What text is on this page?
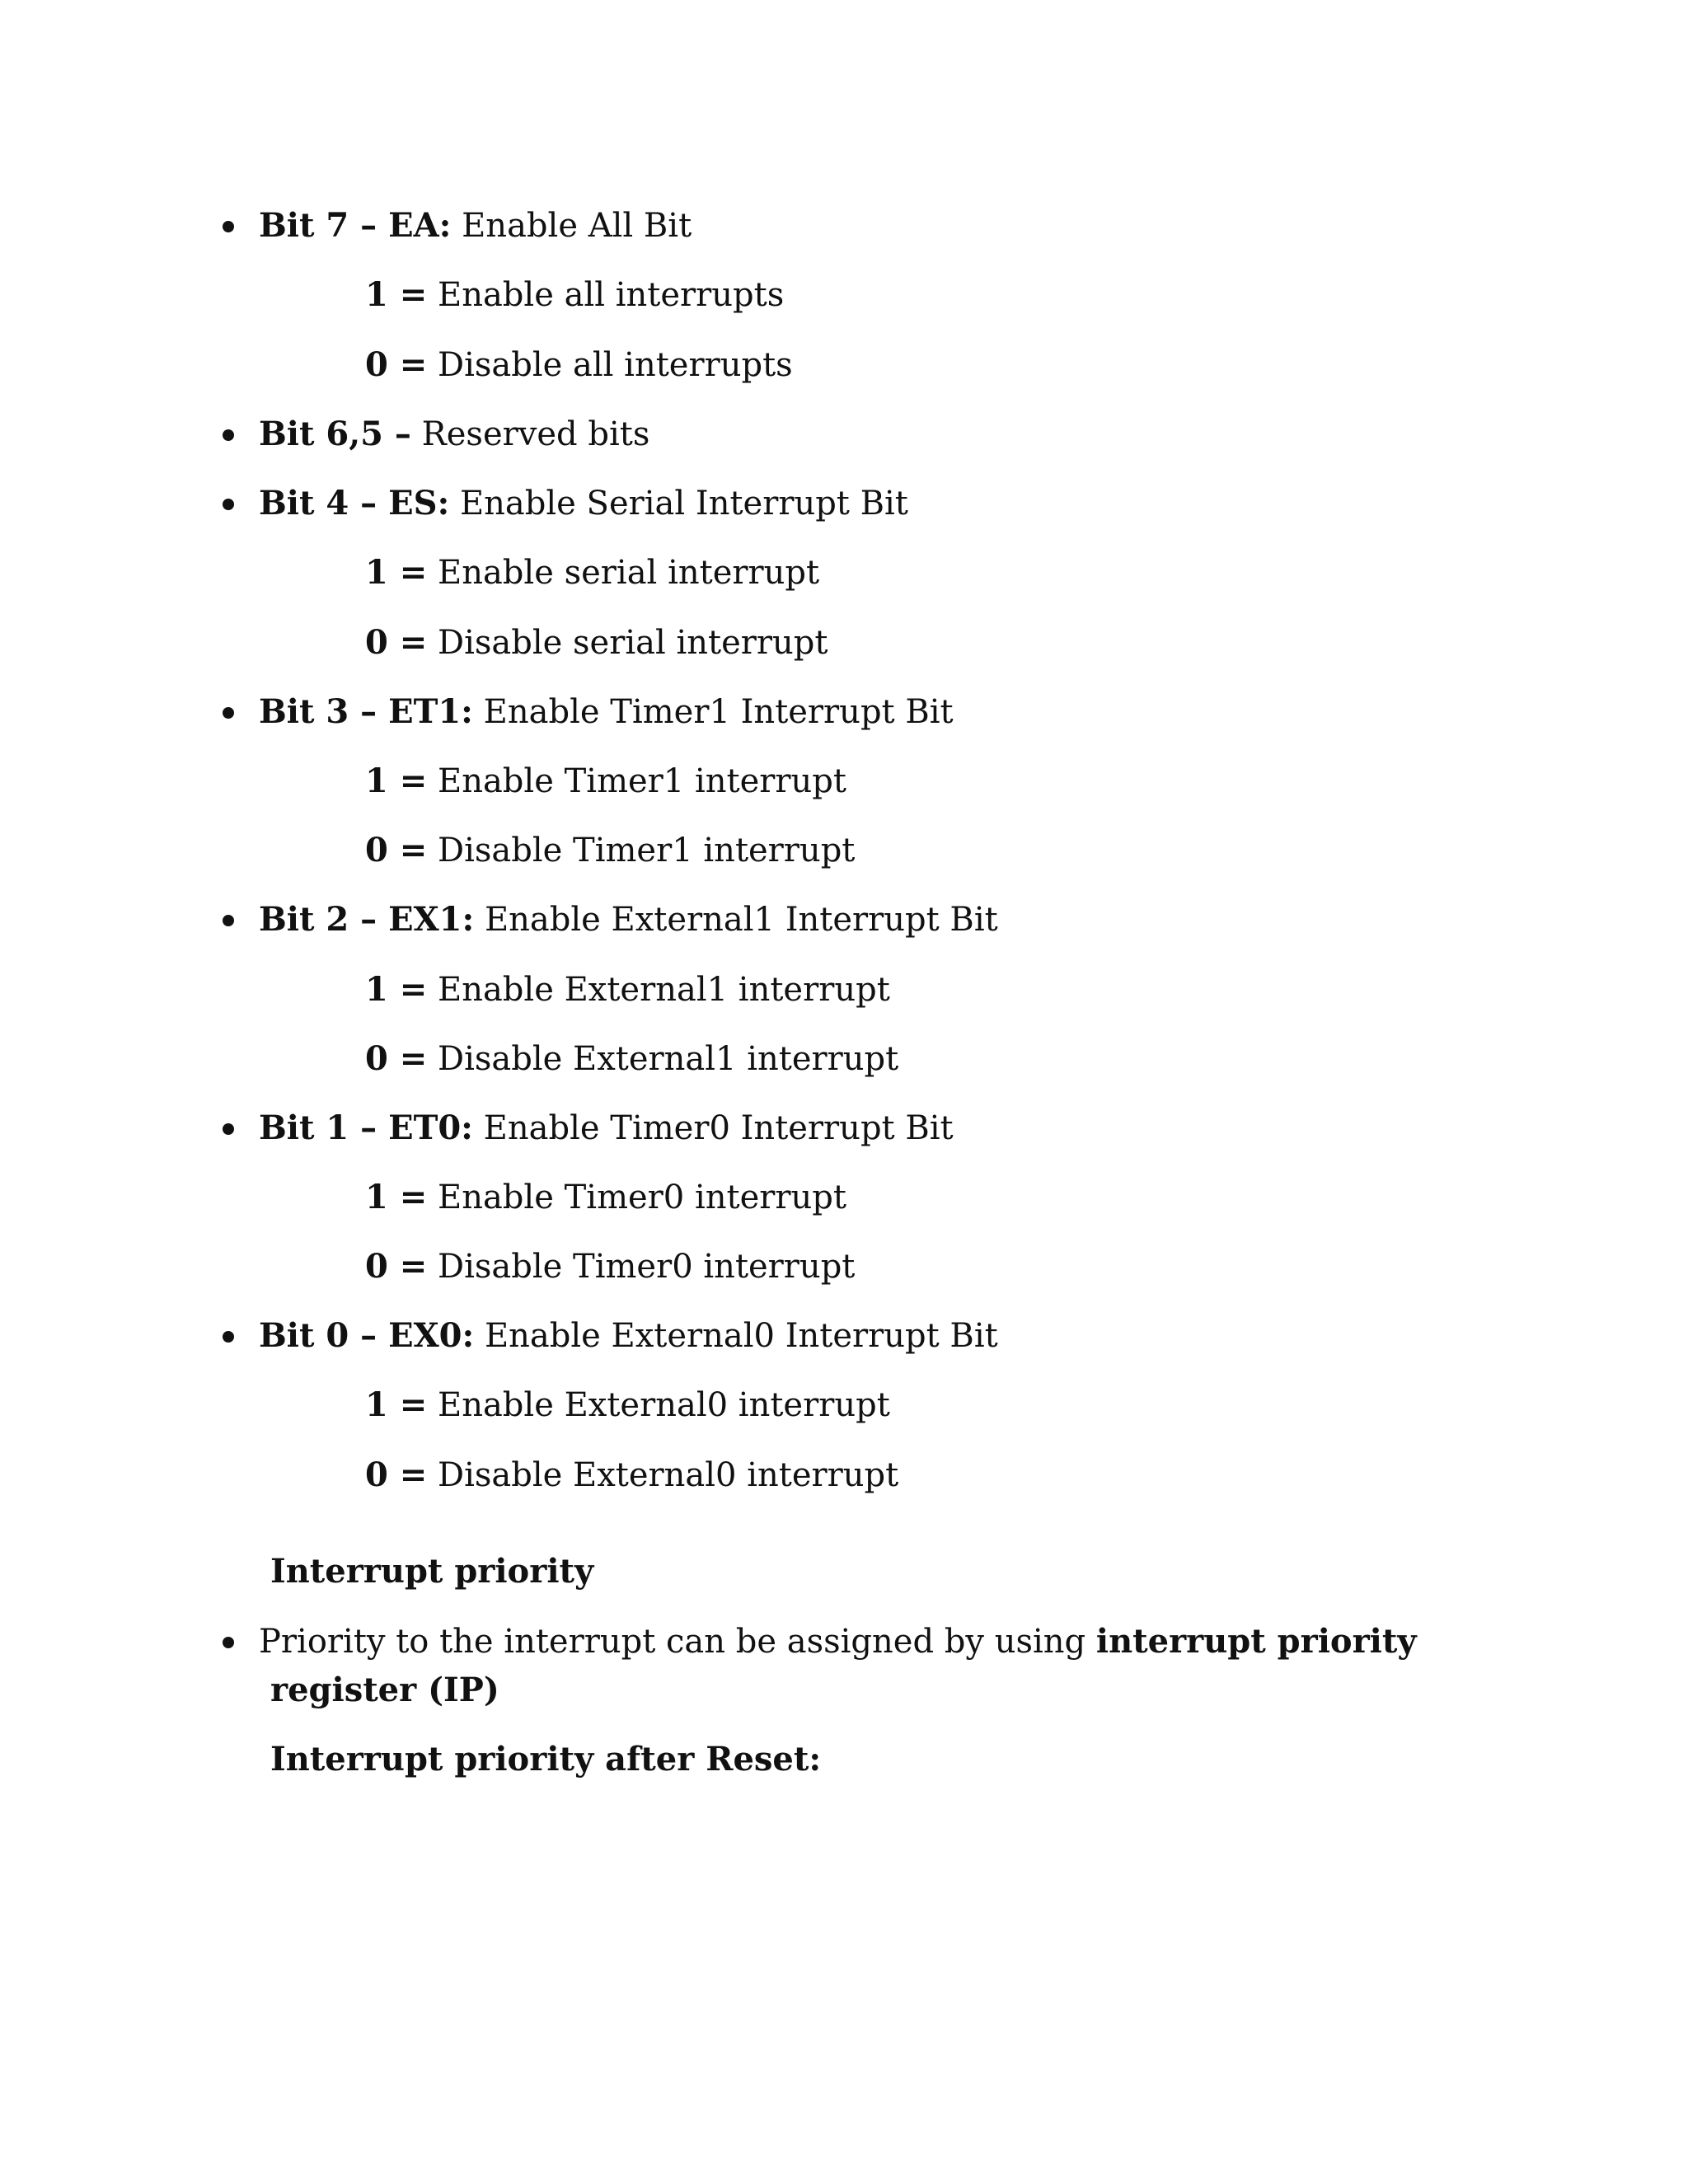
Bit 7 – EA: Enable All Bit
1 = Enable all interrupts
0 = Disable all interrupts
Bit 6,5 – Reserved bits
Bit 4 – ES: Enable Serial Interrupt Bit
1 = Enable serial interrupt
0 = Disable serial interrupt
Bit 3 – ET1: Enable Timer1 Interrupt Bit
1 = Enable Timer1 interrupt
0 = Disable Timer1 interrupt
Bit 2 – EX1: Enable External1 Interrupt Bit
1 = Enable External1 interrupt
0 = Disable External1 interrupt
Bit 1 – ET0: Enable Timer0 Interrupt Bit
1 = Enable Timer0 interrupt
0 = Disable Timer0 interrupt
Bit 0 – EX0: Enable External0 Interrupt Bit
1 = Enable External0 interrupt
0 = Disable External0 interrupt
Interrupt priority
Priority to the interrupt can be assigned by using interrupt priority
register (IP)
Interrupt priority after Reset:
